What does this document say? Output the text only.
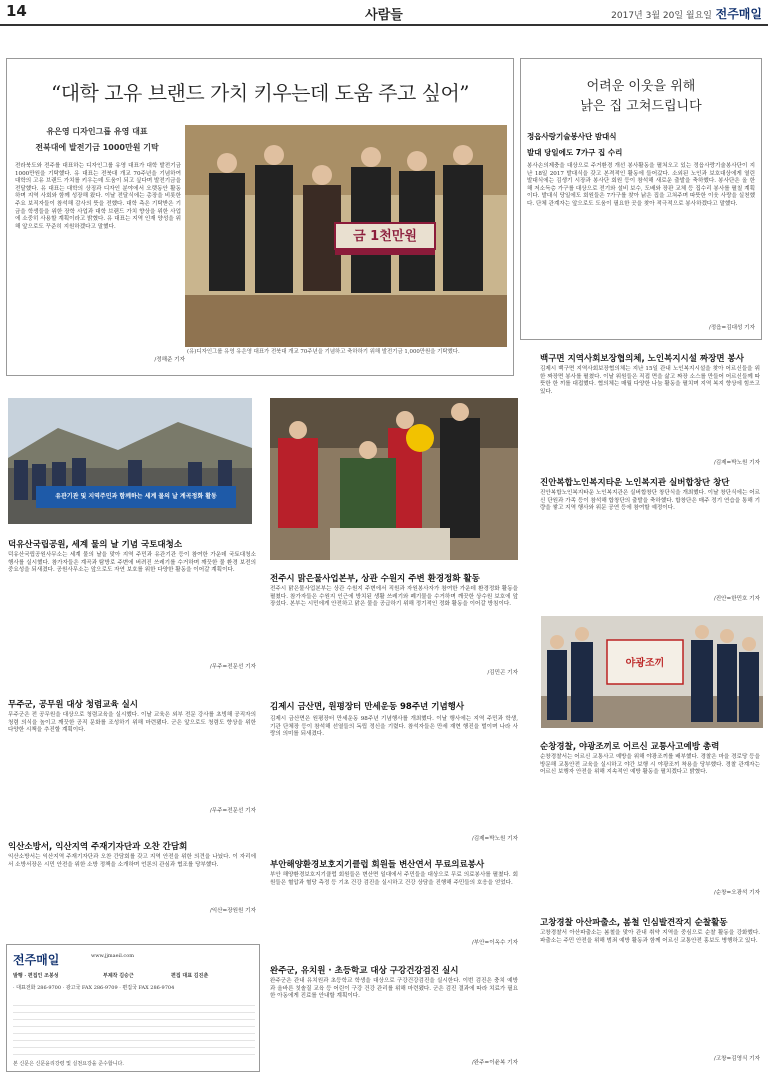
14	사람들	2017년 3월 20일 월요일 전주매일
“대학 고유 브랜드 가치 키우는데 도움 주고 싶어”
유은영 디자인그룹 유영 대표
전북대에 발전기금 1000만원 기탁
전라북도와 전주를 대표하는 디자인그룹 유영 대표가 대학 발전기금 1000만원을 기탁했다. 유 대표는 전북대 개교 70주년을 기념하여 대학의 고유 브랜드 가치를 키우는데 도움이 되고 싶다며 발전기금을 전달했다. 유 대표는 대학의 상징과 디자인 분야에서 오랫동안 활동하며 지역 사회와 함께 성장해 왔다. 이날 전달식에는 총장을 비롯한 주요 보직자들이 참석해 감사의 뜻을 전했다. 대학 측은 기탁받은 기금을 학생들을 위한 장학 사업과 대학 브랜드 가치 향상을 위한 사업에 소중히 사용할 계획이라고 밝혔다. 유 대표는 지역 인재 양성을 위해 앞으로도 꾸준히 지원하겠다고 말했다.
/정해준 기자
금 1천만원
(유)디자인그룹 유영 유은영 대표가 전북대 개교 70주년을 기념하고 축하하기 위해 발전기금 1,000만원을 기탁했다.
어려운 이웃을 위해
낡은 집 고쳐드립니다
정읍사랑기술봉사단 밤대식
발대 당일에도 7가구 집 수리
봉사손의제충을 대상으로 주거환경 개선 봉사활동을 펼쳐오고 있는 정읍사랑기술봉사단이 지난 18일 2017 발대식을 갖고 본격적인 활동에 들어갔다. 소외된 노인과 보호대상에게 열린 발대식에는 김생기 시장과 봉사단 회원 등이 참석해 새로운 출발을 축하했다. 봉사단은 올 한 해 저소득층 가구를 대상으로 전기와 설비 보수, 도배와 장판 교체 등 집수리 봉사를 펼칠 계획이다. 발대식 당일에도 회원들은 7가구를 찾아 낡은 집을 고쳐주며 따뜻한 이웃 사랑을 실천했다. 단체 관계자는 앞으로도 도움이 필요한 곳을 찾아 적극적으로 봉사하겠다고 말했다.
/정읍=김대성 기자
백구면 지역사회보장협의체, 노인복지시설 짜장면 봉사
김제시 백구면 지역사회보장협의체는 지난 15일 관내 노인복지시설을 찾아 어르신들을 위한 짜장면 봉사를 펼쳤다. 이날 위원들은 직접 면을 삶고 짜장 소스를 만들어 어르신들께 따뜻한 한 끼를 대접했다. 협의체는 매월 다양한 나눔 활동을 펼치며 지역 복지 향상에 힘쓰고 있다.
/김제=박노원 기자
진안복합노인복지타운 노인복지관 실버합창단 창단
진안복합노인복지타운 노인복지관은 실버합창단 창단식을 개최했다. 이날 창단식에는 어르신 단원과 가족 등이 참석해 합창단의 출발을 축하했다. 합창단은 매주 정기 연습을 통해 기량을 쌓고 지역 행사와 위문 공연 등에 참여할 예정이다.
/진안=한민호 기자
야광조끼
순창경찰, 야광조끼로 어르신 교통사고예방 총력
순창경찰서는 어르신 교통사고 예방을 위해 야광조끼를 배부했다. 경찰은 마을 경로당 등을 방문해 교통안전 교육을 실시하고 야간 보행 시 야광조끼 착용을 당부했다. 경찰 관계자는 어르신 보행자 안전을 위해 지속적인 예방 활동을 펼치겠다고 밝혔다.
/순창=오광석 기자
고창경찰 아산파출소, 봄철 인심발견작지 순찰활동
고창경찰서 아산파출소는 봄철을 맞아 관내 취약 지역을 중심으로 순찰 활동을 강화했다. 파출소는 주민 안전을 위해 범죄 예방 활동과 함께 어르신 교통안전 홍보도 병행하고 있다.
/고창=김영식 기자
유관기관 및 지역주민과 함께하는 세계 물의 날 계곡정화 활동
덕유산국립공원, 세계 물의 날 기념 국토대청소
덕유산국립공원사무소는 세계 물의 날을 맞아 지역 주민과 유관기관 등이 참여한 가운데 국토대청소 행사를 실시했다. 참가자들은 계곡과 탐방로 주변에 버려진 쓰레기를 수거하며 깨끗한 물 환경 보전의 중요성을 되새겼다. 공원사무소는 앞으로도 자연 보호를 위한 다양한 활동을 이어갈 계획이다.
/무주=전문선 기자
무주군, 공무원 대상 청렴교육 실시
무주군은 전 공무원을 대상으로 청렴교육을 실시했다. 이날 교육은 외부 전문 강사를 초빙해 공직자의 청렴 의식을 높이고 깨끗한 공직 문화를 조성하기 위해 마련됐다. 군은 앞으로도 청렴도 향상을 위한 다양한 시책을 추진할 계획이다.
/무주=전문선 기자
익산소방서, 익산지역 주재기자단과 오찬 간담회
익산소방서는 익산지역 주재기자단과 오찬 간담회를 갖고 지역 안전을 위한 의견을 나눴다. 이 자리에서 소방서장은 시민 안전을 위한 소방 정책을 소개하며 언론의 관심과 협조를 당부했다.
/익산=장원원 기자
전주시 맑은물사업본부, 상관 수원지 주변 환경정화 활동
전주시 맑은물사업본부는 상관 수원지 주변에서 직원과 자원봉사자가 참여한 가운데 환경정화 활동을 펼쳤다. 참가자들은 수원지 인근에 방치된 생활 쓰레기와 폐기물을 수거하며 깨끗한 상수원 보호에 앞장섰다. 본부는 시민에게 안전하고 맑은 물을 공급하기 위해 정기적인 정화 활동을 이어갈 방침이다.
/김민곤 기자
김제시 금산면, 원평장터 만세운동 98주년 기념행사
김제시 금산면은 원평장터 만세운동 98주년 기념행사를 개최했다. 이날 행사에는 지역 주민과 학생, 기관 단체장 등이 참석해 선열들의 독립 정신을 기렸다. 참석자들은 만세 재현 행진을 벌이며 나라 사랑의 의미를 되새겼다.
/김제=박노원 기자
부안해양환경보호지기클럽 회원들 변산연서 무료의료봉사
부안 해양환경보호지기클럽 회원들은 변산면 일대에서 주민들을 대상으로 무료 의료봉사를 펼쳤다. 회원들은 혈압과 혈당 측정 등 기초 건강 검진을 실시하고 건강 상담을 진행해 주민들의 호응을 얻었다.
/부안=이옥수 기자
완주군, 유치원 · 초등학교 대상 구강건강검진 실시
완주군은 관내 유치원과 초등학교 학생을 대상으로 구강건강검진을 실시한다. 이번 검진은 충치 예방과 올바른 칫솔질 교육 등 어린이 구강 건강 관리를 위해 마련됐다. 군은 검진 결과에 따라 치료가 필요한 아동에게 진료를 안내할 계획이다.
/완주=이윤복 기자
전주매일	www.jjmaeil.com
발행 · 편집인 조봉성	부제작 김승근	편집 대표 김진춘
· 대표전화 286-9700 · 광고국 FAX 286-9709 · 편집국 FAX 286-9704
본 신문은 신문윤리강령 및 실천요강을 준수합니다.
